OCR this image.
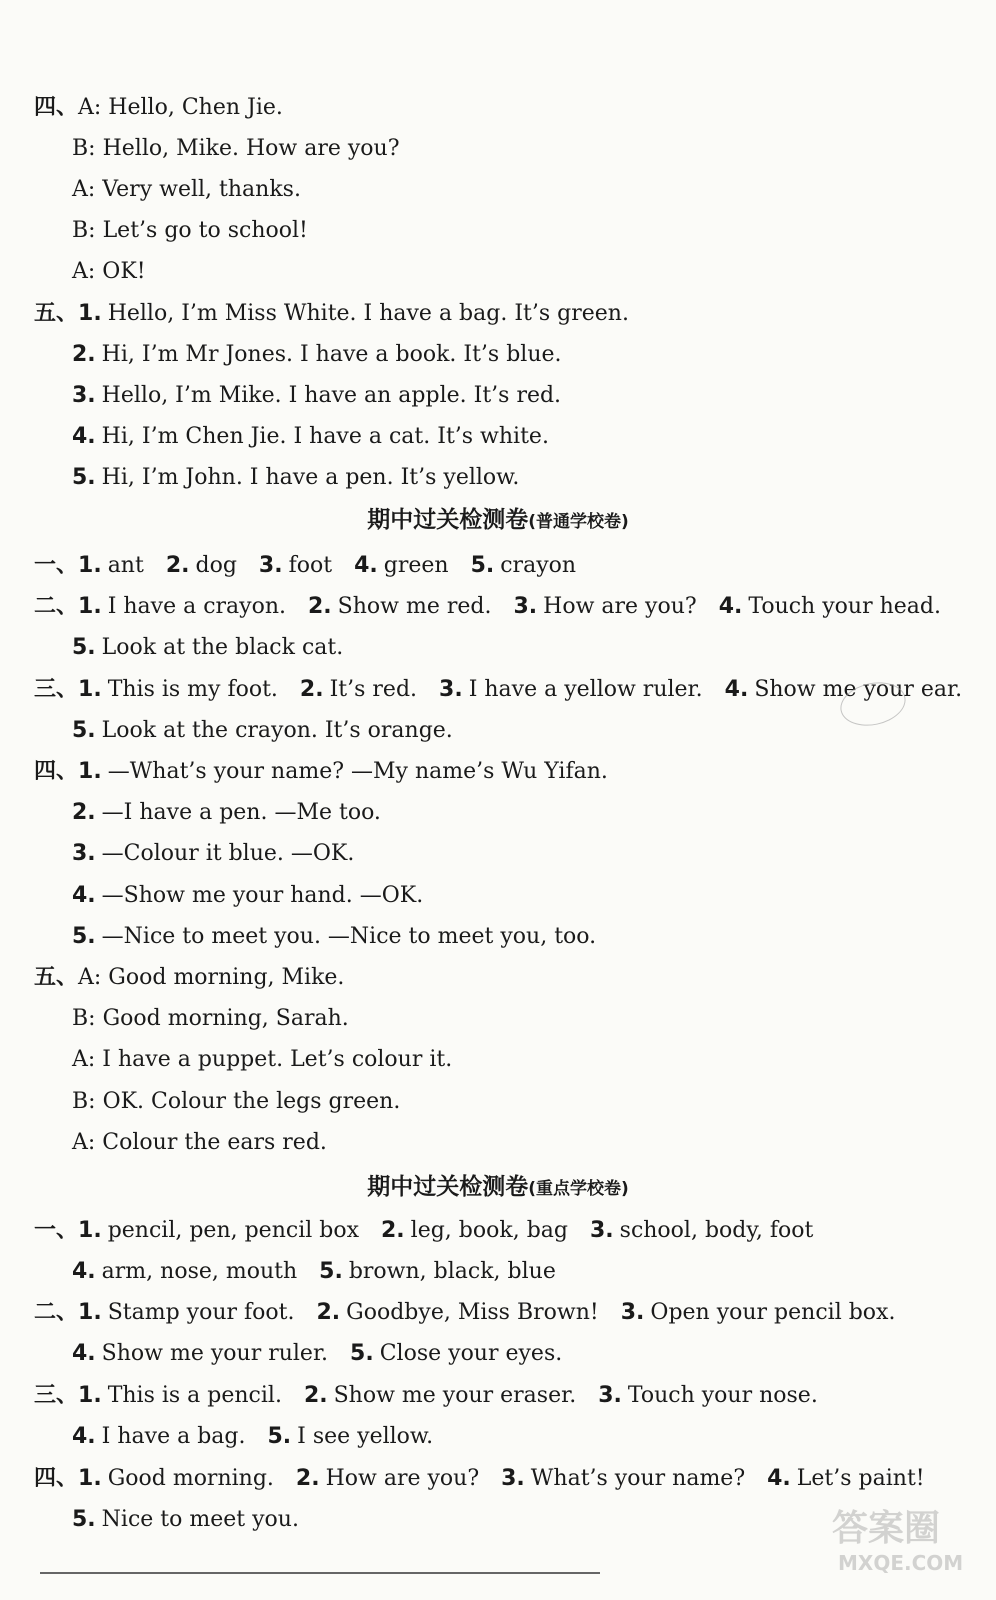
四、A: Hello, Chen Jie.
B: Hello, Mike. How are you?
A: Very well, thanks.
B: Let’s go to school!
A: OK!
五、1. Hello, I’m Miss White. I have a bag. It’s green.
2. Hi, I’m Mr Jones. I have a book. It’s blue.
3. Hello, I’m Mike. I have an apple. It’s red.
4. Hi, I’m Chen Jie. I have a cat. It’s white.
5. Hi, I’m John. I have a pen. It’s yellow.
期中过关检测卷(普通学校卷)
一、1. ant 2. dog 3. foot 4. green 5. crayon
二、1. I have a crayon. 2. Show me red. 3. How are you? 4. Touch your head.
5. Look at the black cat.
三、1. This is my foot. 2. It’s red. 3. I have a yellow ruler. 4. Show me your ear.
5. Look at the crayon. It’s orange.
四、1. —What’s your name? —My name’s Wu Yifan.
2. —I have a pen. —Me too.
3. —Colour it blue. —OK.
4. —Show me your hand. —OK.
5. —Nice to meet you. —Nice to meet you, too.
五、A: Good morning, Mike.
B: Good morning, Sarah.
A: I have a puppet. Let’s colour it.
B: OK. Colour the legs green.
A: Colour the ears red.
期中过关检测卷(重点学校卷)
一、1. pencil, pen, pencil box 2. leg, book, bag 3. school, body, foot
4. arm, nose, mouth 5. brown, black, blue
二、1. Stamp your foot. 2. Goodbye, Miss Brown! 3. Open your pencil box.
4. Show me your ruler. 5. Close your eyes.
三、1. This is a pencil. 2. Show me your eraser. 3. Touch your nose.
4. I have a bag. 5. I see yellow.
四、1. Good morning. 2. How are you? 3. What’s your name? 4. Let’s paint!
5. Nice to meet you.	答案圈
MXQE.COM
